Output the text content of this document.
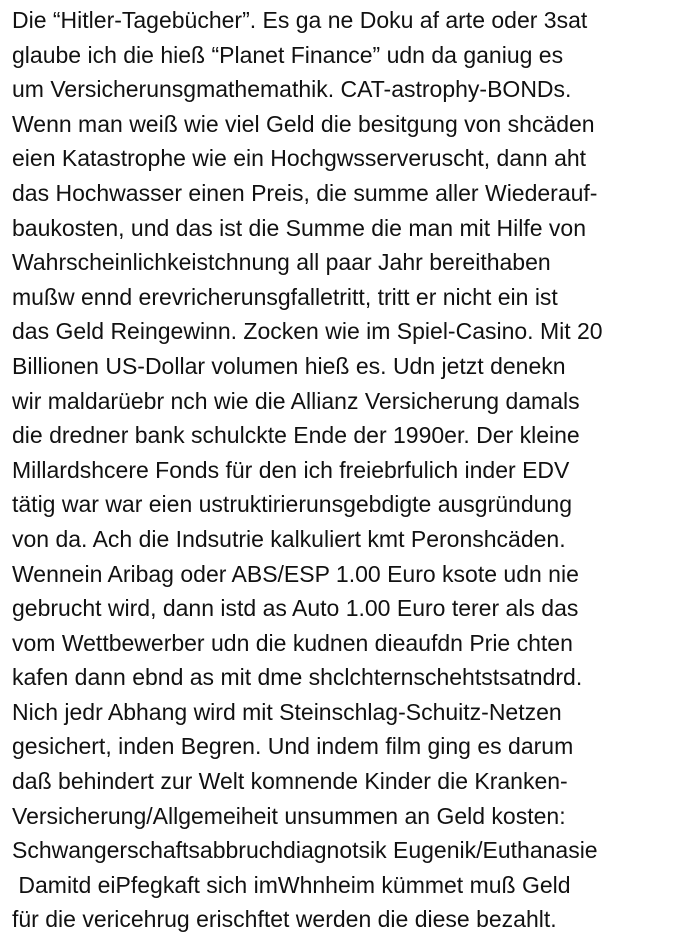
Die “Hitler-Tagebücher”. Es ga ne Doku af arte oder 3sat
glaube ich die hieß “Planet Finance” udn da ganiug es
um Versicherunsgmathemathik. CAT-astrophy-BONDs.
Wenn man weiß wie viel Geld die besitgung von shcäden
eien Katastrophe wie ein Hochgwsserveruscht, dann aht
das Hochwasser einen Preis, die summe aller Wiederauf-
baukosten, und das ist die Summe die man mit Hilfe von
Wahrscheinlichkeistchnung all paar Jahr bereithaben
mußw ennd erevricherunsgfalletritt, tritt er nicht ein ist
das Geld Reingewinn. Zocken wie im Spiel-Casino. Mit 20
Billionen US-Dollar volumen hieß es. Udn jetzt denekn
wir maldarüebr nch wie die Allianz Versicherung damals
die dredner bank schulckte Ende der 1990er. Der kleine
Millardshcere Fonds für den ich freiebrfulich inder EDV
tätig war war eien ustruktirierunsgebdigte ausgründung
von da. Ach die Indsutrie kalkuliert kmt Peronshcäden.
Wennein Aribag oder ABS/ESP 1.00 Euro ksote udn nie
gebrucht wird, dann istd as Auto 1.00 Euro terer als das
vom Wettbewerber udn die kudnen dieaufdn Prie chten
kafen dann ebnd as mit dme shclchternschehtstsatndrd.
Nich jedr Abhang wird mit Steinschlag-Schuitz-Netzen
gesichert, inden Begren. Und indem film ging es darum
daß behindert zur Welt komnende Kinder die Kranken-
Versicherung/Allgemeiheit unsummen an Geld kosten:
Schwangerschaftsabbruchdiagnotsik Eugenik/Euthanasie
Damitd eiPfegkaft sich imWhnheim kümmet muß Geld
für die vericehrug erischftet werden die diese bezahlt.
